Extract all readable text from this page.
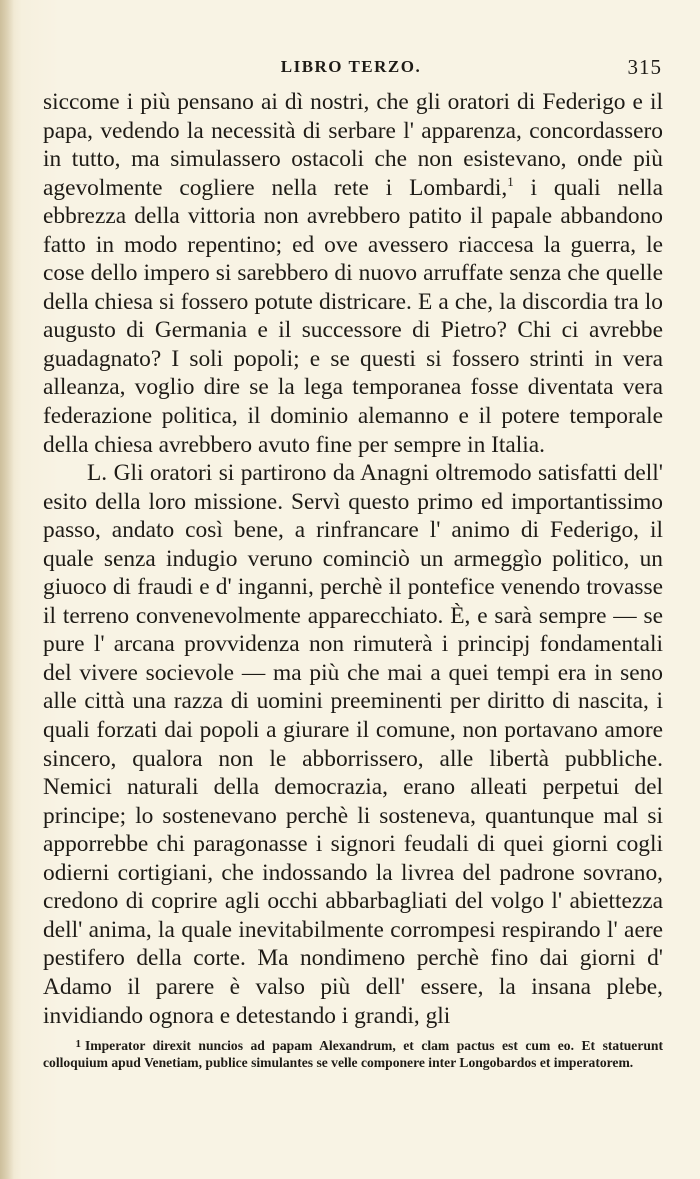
LIBRO TERZO.	315

siccome i più pensano ai dì nostri, che gli oratori di Federigo e il papa, vedendo la necessità di serbare l' apparenza, concordassero in tutto, ma simulassero ostacoli che non esistevano, onde più agevolmente cogliere nella rete i Lombardi,$^1$ i quali nella ebbrezza della vittoria non avrebbero patito il papale abbandono fatto in modo repentino; ed ove avessero riaccesa la guerra, le cose dello impero si sarebbero di nuovo arruffate senza che quelle della chiesa si fossero potute districare. E a che, la discordia tra lo augusto di Germania e il successore di Pietro? Chi ci avrebbe guadagnato? I soli popoli; e se questi si fossero strinti in vera alleanza, voglio dire se la lega temporanea fosse diventata vera federazione politica, il dominio alemanno e il potere temporale della chiesa avrebbero avuto fine per sempre in Italia.

L. Gli oratori si partirono da Anagni oltremodo satisfatti dell' esito della loro missione. Servì questo primo ed importantissimo passo, andato così bene, a rinfrancare l' animo di Federigo, il quale senza indugio veruno cominciò un armeggìo politico, un giuoco di fraudi e d' inganni, perchè il pontefice venendo trovasse il terreno convenevolmente apparecchiato. È, e sarà sempre — se pure l' arcana provvidenza non rimuterà i principj fondamentali del vivere socievole — ma più che mai a quei tempi era in seno alle città una razza di uomini preeminenti per diritto di nascita, i quali forzati dai popoli a giurare il comune, non portavano amore sincero, qualora non le abborrissero, alle libertà pubbliche. Nemici naturali della democrazia, erano alleati perpetui del principe; lo sostenevano perchè li sosteneva, quantunque mal si apporrebbe chi paragonasse i signori feudali di quei giorni cogli odierni cortigiani, che indossando la livrea del padrone sovrano, credono di coprire agli occhi abbarbagliati del volgo l' abiettezza dell' anima, la quale inevitabilmente corrompesi respirando l' aere pestifero della corte. Ma nondimeno perchè fino dai giorni d' Adamo il parere è valso più dell' essere, la insana plebe, invidiando ognora e detestando i grandi, gli

1 Imperator direxit nuncios ad papam Alexandrum, et clam pactus est cum eo. Et statuerunt colloquium apud Venetiam, publice simulantes se velle componere inter Longobardos et imperatorem.
